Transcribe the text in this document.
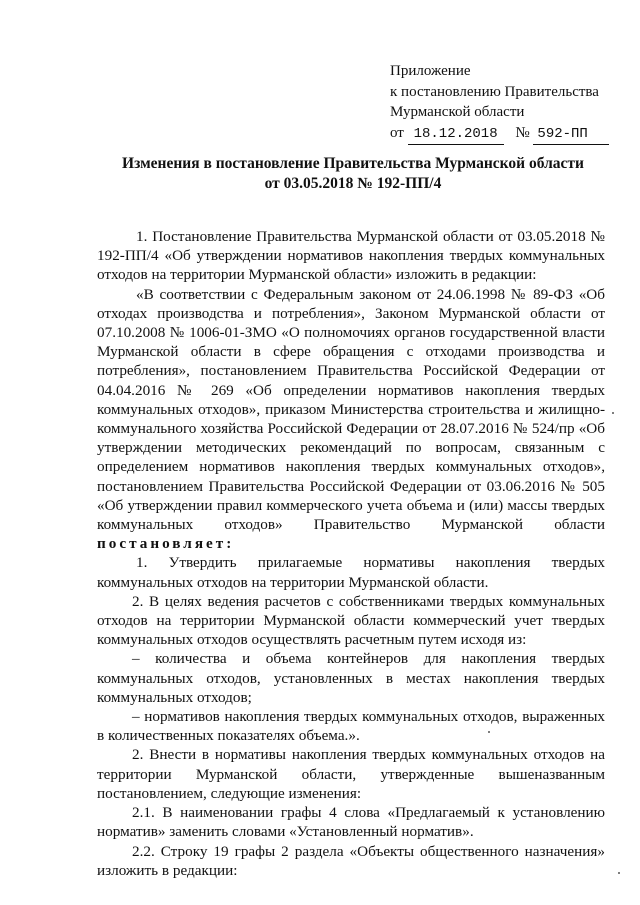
Приложение
к постановлению Правительства
Мурманской области
от 18.12.2018 № 592-ПП
Изменения в постановление Правительства Мурманской области
от 03.05.2018 № 192-ПП/4

1. Постановление Правительства Мурманской области от 03.05.2018 № 192-ПП/4 «Об утверждении нормативов накопления твердых коммунальных отходов на территории Мурманской области» изложить в редакции:

«В соответствии с Федеральным законом от 24.06.1998 № 89-ФЗ «Об отходах производства и потребления», Законом Мурманской области от 07.10.2008 № 1006-01-ЗМО «О полномочиях органов государственной власти Мурманской области в сфере обращения с отходами производства и потребления», постановлением Правительства Российской Федерации от 04.04.2016 № 269 «Об определении нормативов накопления твердых коммунальных отходов», приказом Министерства строительства и жилищно-коммунального хозяйства Российской Федерации от 28.07.2016 № 524/пр «Об утверждении методических рекомендаций по вопросам, связанным с определением нормативов накопления твердых коммунальных отходов», постановлением Правительства Российской Федерации от 03.06.2016 № 505 «Об утверждении правил коммерческого учета объема и (или) массы твердых коммунальных отходов» Правительство Мурманской области постановляет:

1. Утвердить прилагаемые нормативы накопления твердых коммунальных отходов на территории Мурманской области.

2. В целях ведения расчетов с собственниками твердых коммунальных отходов на территории Мурманской области коммерческий учет твердых коммунальных отходов осуществлять расчетным путем исходя из:

– количества и объема контейнеров для накопления твердых коммунальных отходов, установленных в местах накопления твердых коммунальных отходов;

– нормативов накопления твердых коммунальных отходов, выраженных в количественных показателях объема.».

2. Внести в нормативы накопления твердых коммунальных отходов на территории Мурманской области, утвержденные вышеназванным постановлением, следующие изменения:

2.1. В наименовании графы 4 слова «Предлагаемый к установлению норматив» заменить словами «Установленный норматив».

2.2. Строку 19 графы 2 раздела «Объекты общественного назначения» изложить в редакции:
